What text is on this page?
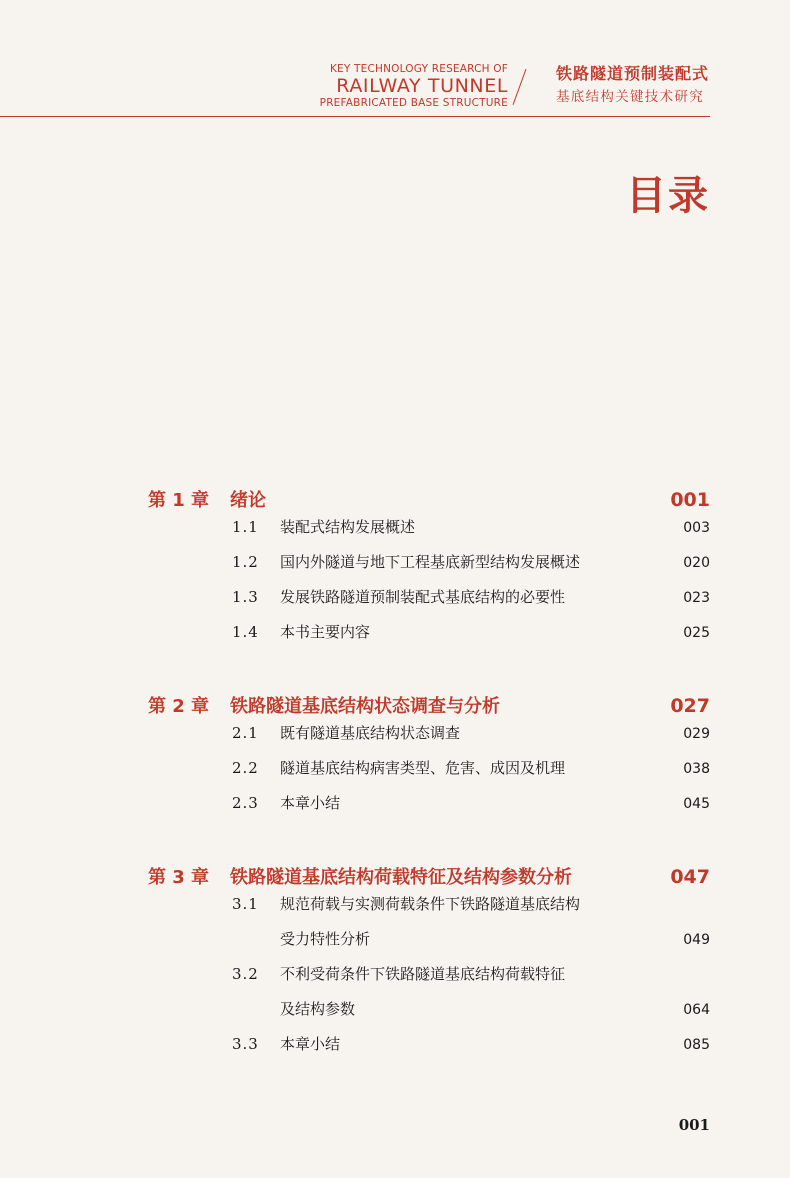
KEY TECHNOLOGY RESEARCH OF
RAILWAY TUNNEL
PREFABRICATED BASE STRUCTURE
铁路隧道预制装配式
基底结构关键技术研究
目录
第 1 章	绪论	001
1.1	装配式结构发展概述	003
1.2	国内外隧道与地下工程基底新型结构发展概述	020
1.3	发展铁路隧道预制装配式基底结构的必要性	023
1.4	本书主要内容	025
第 2 章	铁路隧道基底结构状态调查与分析	027
2.1	既有隧道基底结构状态调查	029
2.2	隧道基底结构病害类型、危害、成因及机理	038
2.3	本章小结	045
第 3 章	铁路隧道基底结构荷载特征及结构参数分析	047
3.1	规范荷载与实测荷载条件下铁路隧道基底结构
受力特性分析	049
3.2	不利受荷条件下铁路隧道基底结构荷载特征
及结构参数	064
3.3	本章小结	085
001
